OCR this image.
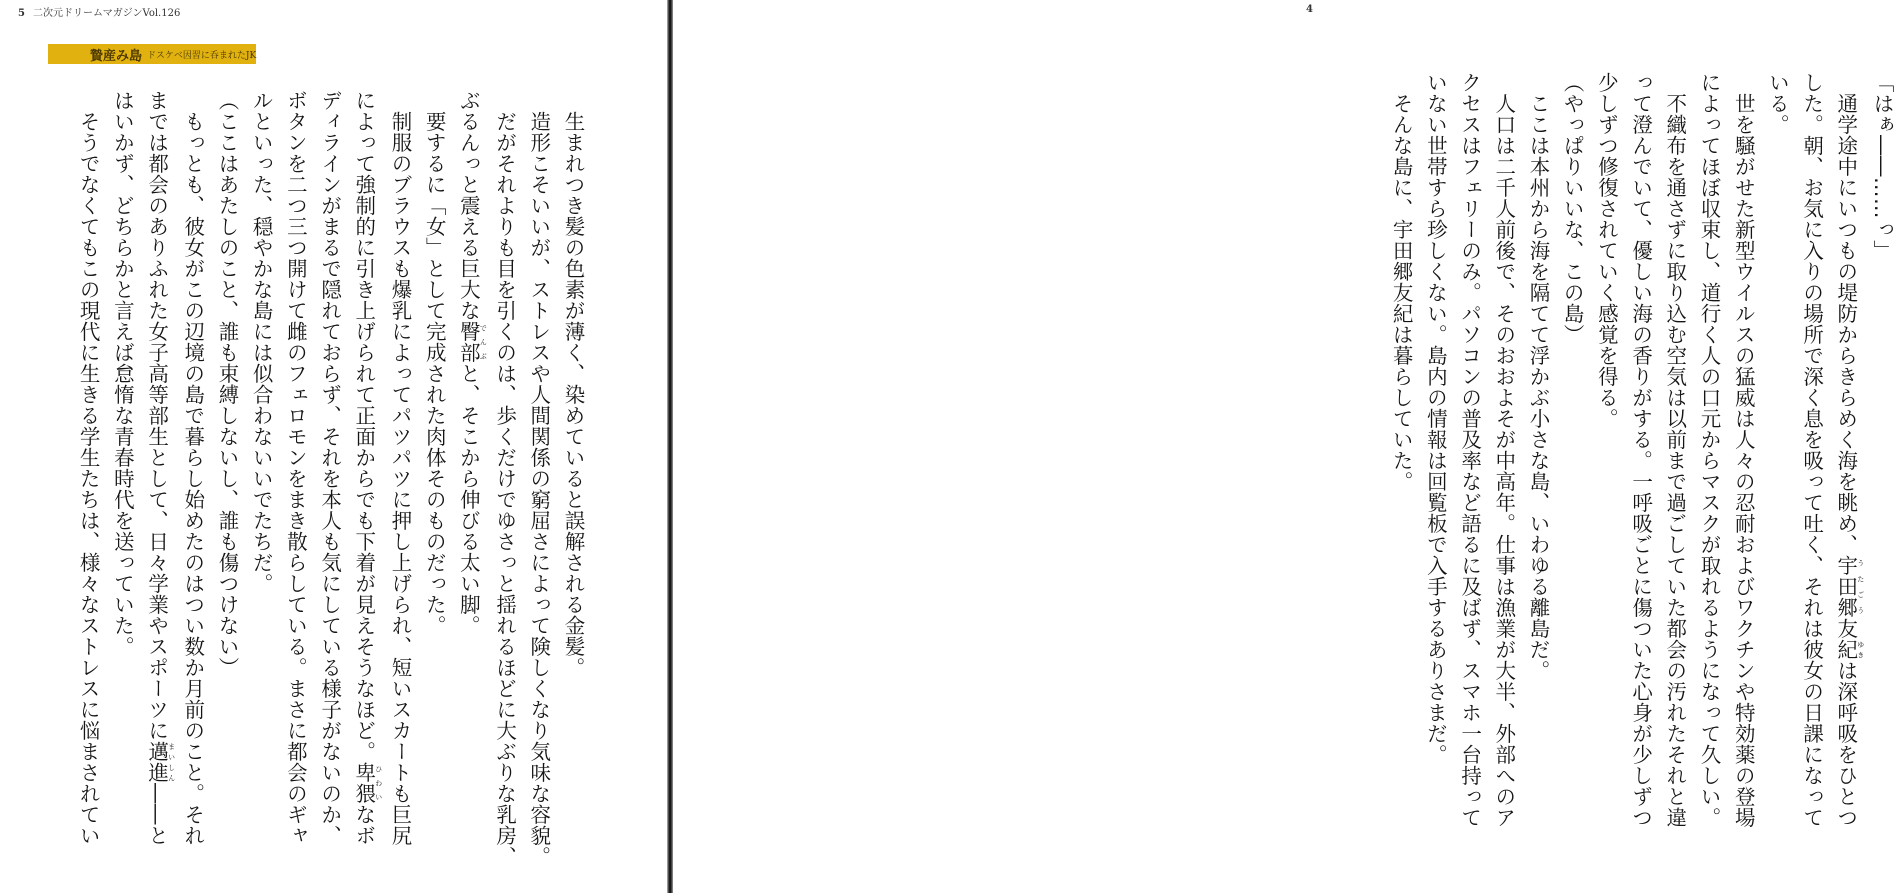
5 二次元ドリームマガジンVol.126
贄産み島 ドスケベ因習に呑まれたJK
　生まれつき髪の色素が薄く、染めていると誤解される金髪。
　造形こそいいが、ストレスや人間関係の窮屈さによって険しくなり気味な容貌。
　だがそれよりも目を引くのは、歩くだけでゆさっと揺れるほどに大ぶりな乳房、
ぶるんっと震える巨大な臀部 でんぶと、そこから伸びる太い脚。
　要するに「女」として完成された肉体そのものだった。
　制服のブラウスも爆乳によってパツパツに押し上げられ、短いスカートも巨尻
によって強制的に引き上げられて正面からでも下着が見えそうなほど。卑猥 ひわいなボ
ディラインがまるで隠れておらず、それを本人も気にしている様子がないのか、
ボタンを二つ三つ開けて雌のフェロモンをまき散らしている。まさに都会のギャ
ルといった、穏やかな島には似合わないいでたちだ。
（ここはあたしのこと、誰も束縛しないし、誰も傷つけない）
　もっとも、彼女がこの辺境の島で暮らし始めたのはつい数か月前のこと。それ
までは都会のありふれた女子高等部生として、日々学業やスポーツに邁進 まいしん――と
はいかず、どちらかと言えば怠惰な青春時代を送っていた。
　そうでなくてもこの現代に生きる学生たちは、様々なストレスに悩まされてい
4
「はぁ――……っ」
　通学途中にいつもの堤防からきらめく海を眺め、宇田郷 うたごう友紀 ゆきは深呼吸をひとつ
した。朝、お気に入りの場所で深く息を吸って吐く、それは彼女の日課になって
いる。
　世を騒がせた新型ウイルスの猛威は人々の忍耐およびワクチンや特効薬の登場
によってほぼ収束し、道行く人の口元からマスクが取れるようになって久しい。
　不織布を通さずに取り込む空気は以前まで過ごしていた都会の汚れたそれと違
って澄んでいて、優しい海の香りがする。一呼吸ごとに傷ついた心身が少しずつ
少しずつ修復されていく感覚を得る。
（やっぱりいいな、この島）
　ここは本州から海を隔てて浮かぶ小さな島、いわゆる離島だ。
　人口は二千人前後で、そのおおよそが中高年。仕事は漁業が大半、外部へのア
クセスはフェリーのみ。パソコンの普及率など語るに及ばず、スマホ一台持って
いない世帯すら珍しくない。島内の情報は回覧板で入手するありさまだ。
　そんな島に、宇田郷友紀は暮らしていた。
